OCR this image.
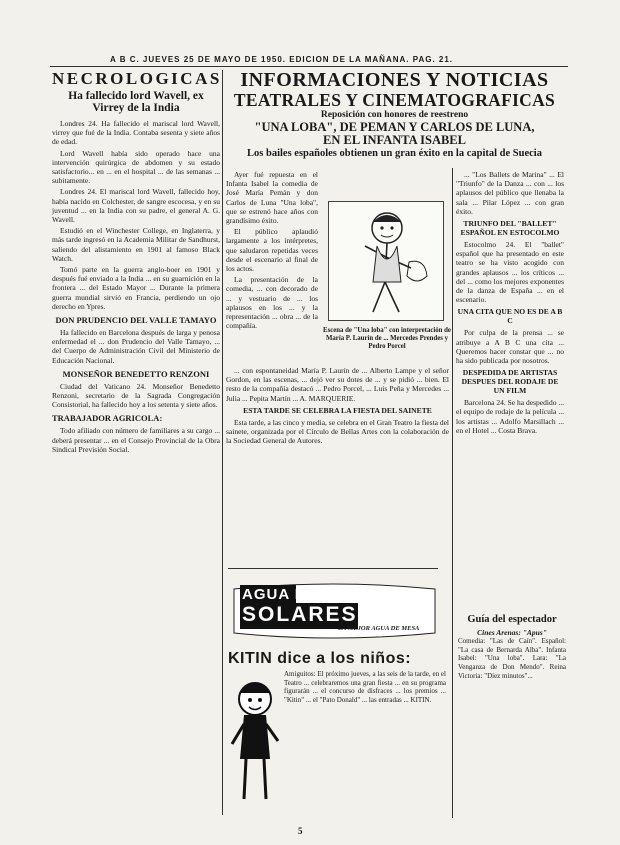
A B C. JUEVES 25 DE MAYO DE 1950. EDICION DE LA MAÑANA. PAG. 21.
NECROLOGICAS
Ha fallecido lord Wavell, ex Virrey de la India

Londres 24. Ha fallecido el mariscal lord Wavell, virrey que fué de la India. Contaba sesenta y siete años de edad.

Lord Wavell había sido operado hace una intervención quirúrgica de abdomen y su estado satisfactorio... en ... en el hospital ... de las semanas ... subitamente.

Londres 24. El mariscal lord Wavell, fallecido hoy, había nacido en Colchester, de sangre escocesa, y en su juventud ... en la India con su padre, el general A. G. Wavell.

Estudió en el Winchester College, en Inglaterra, y más tarde ingresó en la Academia Militar de Sandhurst, saliendo del alistamiento en 1901 al famoso Black Watch.

Tomó parte en la guerra anglo-boer en 1901 y después fué enviado a la India ... en su guarnición en la frontera ... del Estado Mayor ... Durante la primera guerra mundial sirvió en Francia, perdiendo un ojo derecho en Ypres.

DON PRUDENCIO DEL VALLE TAMAYO

Ha fallecido en Barcelona después de larga y penosa enfermedad el ... don Prudencio del Valle Tamayo, ... del Cuerpo de Administración Civil del Ministerio de Educación Nacional.

MONSEÑOR BENEDETTO RENZONI

Ciudad del Vaticano 24. Monseñor Benedetto Renzoni, secretario de la Sagrada Congregación Consistorial, ha fallecido hoy a los setenta y siete años.

TRABAJADOR AGRICOLA:

Todo afiliado con número de familiares a su cargo ... deberá presentar ... en el Consejo Provincial de la Obra Sindical Previsión Social.

INFORMACIONES Y NOTICIAS
TEATRALES Y CINEMATOGRAFICAS
Reposición con honores de reestreno
"UNA LOBA", DE PEMAN Y CARLOS DE LUNA,
EN EL INFANTA ISABEL
Los bailes españoles obtienen un gran éxito en la capital de Suecia

Ayer fué repuesta en el Infanta Isabel la comedia de José María Pemán y don Carlos de Luna "Una loba", que se estrenó hace años con grandísimo éxito.

El público aplaudió largamente a los intérpretes, que saludaron repetidas veces desde el escenario al final de los actos.

La presentación de la comedia, ... con decorado de ... y vestuario de ... los aplausos en los ... y la representación ... obra ... de la compañía.

Escena de "Una loba" con interpretación de María P. Laurín de ... Mercedes Prendes y Pedro Porcel

... con espontaneidad María P. Laurín de ... Alberto Lampe y el señor Gordon, en las escenas, ... dejó ver su dotes de ... y se pidió ... bien. El resto de la compañía destacó ... Pedro Porcel, ... Luis Peña y Mercedes ... Julia ... Pepita Martín ... A. MARQUERIE.

ESTA TARDE SE CELEBRA LA FIESTA DEL SAINETE

Esta tarde, a las cinco y media, se celebra en el Gran Teatro la fiesta del sainete, organizada por el Círculo de Bellas Artes con la colaboración de la Sociedad General de Autores.

AGUA DE
SOLARES
LA MEJOR AGUA DE MESA
KITIN dice a los niños:
Amiguitos: El próximo jueves, a las seis de la tarde, en el Teatro ... celebraremos una gran fiesta ... en su programa figurarán ... el concurso de disfraces ... los premios ... "Kitin" ... el "Pato Donald" ... las entradas ... KITIN.

... "Los Ballets de Marina" ... El "Triunfo" de la Danza ... con ... los aplausos del público que llenaba la sala ... Pilar López ... con gran éxito.

TRIUNFO DEL "BALLET" ESPAÑOL EN ESTOCOLMO

Estocolmo 24. El "ballet" español que ha presentado en este teatro se ha visto acogido con grandes aplausos ... los críticos ... del ... como los mejores exponentes de la danza de España ... en el escenario.

UNA CITA QUE NO ES DE A B C

Por culpa de la prensa ... se atribuye a A B C una cita ... Queremos hacer constar que ... no ha sido publicada por nosotros.

DESPEDIDA DE ARTISTAS DESPUES DEL RODAJE DE UN FILM

Barcelona 24. Se ha despedido ... el equipo de rodaje de la película ... los artistas ... Adolfo Marsillach ... en el Hotel ... Costa Brava.

Guía del espectador
Cines Arenas: "Apus"
Comedia: "Las de Caín". Español: "La casa de Bernarda Alba". Infanta Isabel: "Una loba". Lara: "La Venganza de Don Mendo". Reina Victoria: "Diez minutos"...
5
